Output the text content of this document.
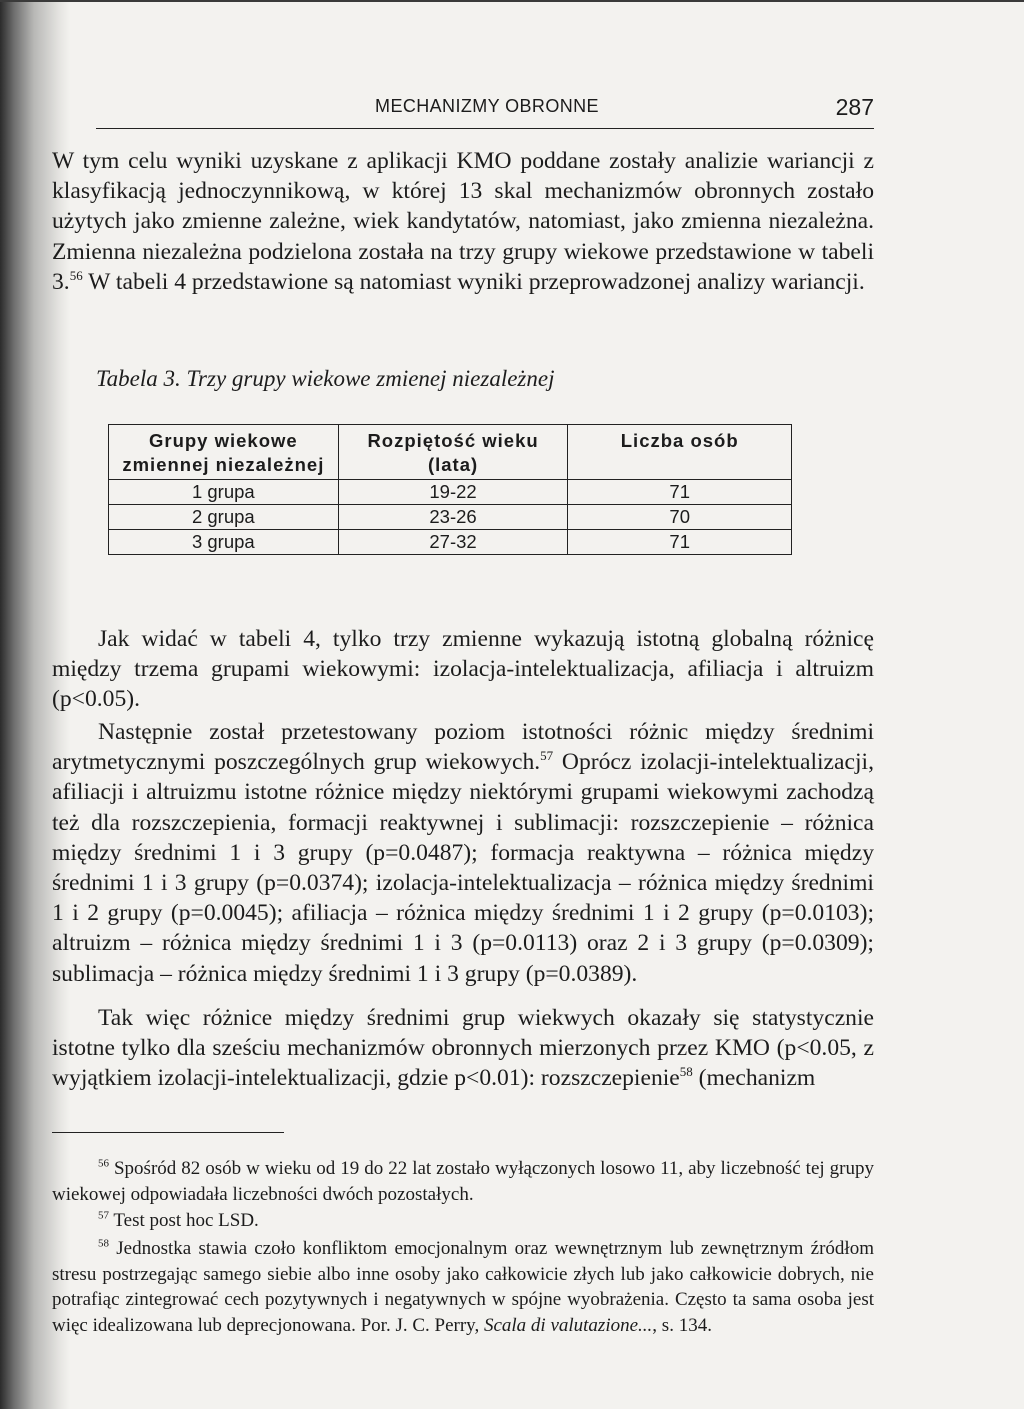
MECHANIZMY OBRONNE	287

W tym celu wyniki uzyskane z aplikacji KMO poddane zostały analizie wariancji z klasyfikacją jednoczynnikową, w której 13 skal mechanizmów obronnych zostało użytych jako zmienne zależne, wiek kandytatów, natomiast, jako zmienna niezależna. Zmienna niezależna podzielona została na trzy grupy wiekowe przedstawione w tabeli 3.56 W tabeli 4 przedstawione są natomiast wyniki przeprowadzonej analizy wariancji.

Tabela 3. Trzy grupy wiekowe zmienej niezależnej
Grupy wiekowe zmiennej niezależnej	Rozpiętość wieku (lata)	Liczba osób
1 grupa	19-22	71
2 grupa	23-26	70
3 grupa	27-32	71

Jak widać w tabeli 4, tylko trzy zmienne wykazują istotną globalną różnicę między trzema grupami wiekowymi: izolacja-intelektualizacja, afiliacja i altruizm (p<0.05).

Następnie został przetestowany poziom istotności różnic między średnimi arytmetycznymi poszczególnych grup wiekowych.$^{57}$ Oprócz izolacji-intelektualizacji, afiliacji i altruizmu istotne różnice między niektórymi grupami wiekowymi zachodzą też dla rozszczepienia, formacji reaktywnej i sublimacji: rozszczepienie – różnica między średnimi 1 i 3 grupy (p=0.0487); formacja reaktywna – różnica między średnimi 1 i 3 grupy (p=0.0374); izolacja-intelektualizacja – różnica między średnimi 1 i 2 grupy (p=0.0045); afiliacja – różnica między średnimi 1 i 2 grupy (p=0.0103); altruizm – różnica między średnimi 1 i 3 (p=0.0113) oraz 2 i 3 grupy (p=0.0309); sublimacja – różnica między średnimi 1 i 3 grupy (p=0.0389).

Tak więc różnice między średnimi grup wiekwych okazały się statystycznie istotne tylko dla sześciu mechanizmów obronnych mierzonych przez KMO (p<0.05, z wyjątkiem izolacji-intelektualizacji, gdzie p<0.01): rozszczepienie$^{58}$ (mechanizm

$^{56}$ Spośród 82 osób w wieku od 19 do 22 lat zostało wyłączonych losowo 11, aby liczebność tej grupy wiekowej odpowiadała liczebności dwóch pozostałych.

$^{57}$ Test post hoc LSD.

$^{58}$ Jednostka stawia czoło konfliktom emocjonalnym oraz wewnętrznym lub zewnętrznym źródłom stresu postrzegając samego siebie albo inne osoby jako całkowicie złych lub jako całkowicie dobrych, nie potrafiąc zintegrować cech pozytywnych i negatywnych w spójne wyobrażenia. Często ta sama osoba jest więc idealizowana lub deprecjonowana. Por. J. C. Perry, Scala di valutazione..., s. 134.
